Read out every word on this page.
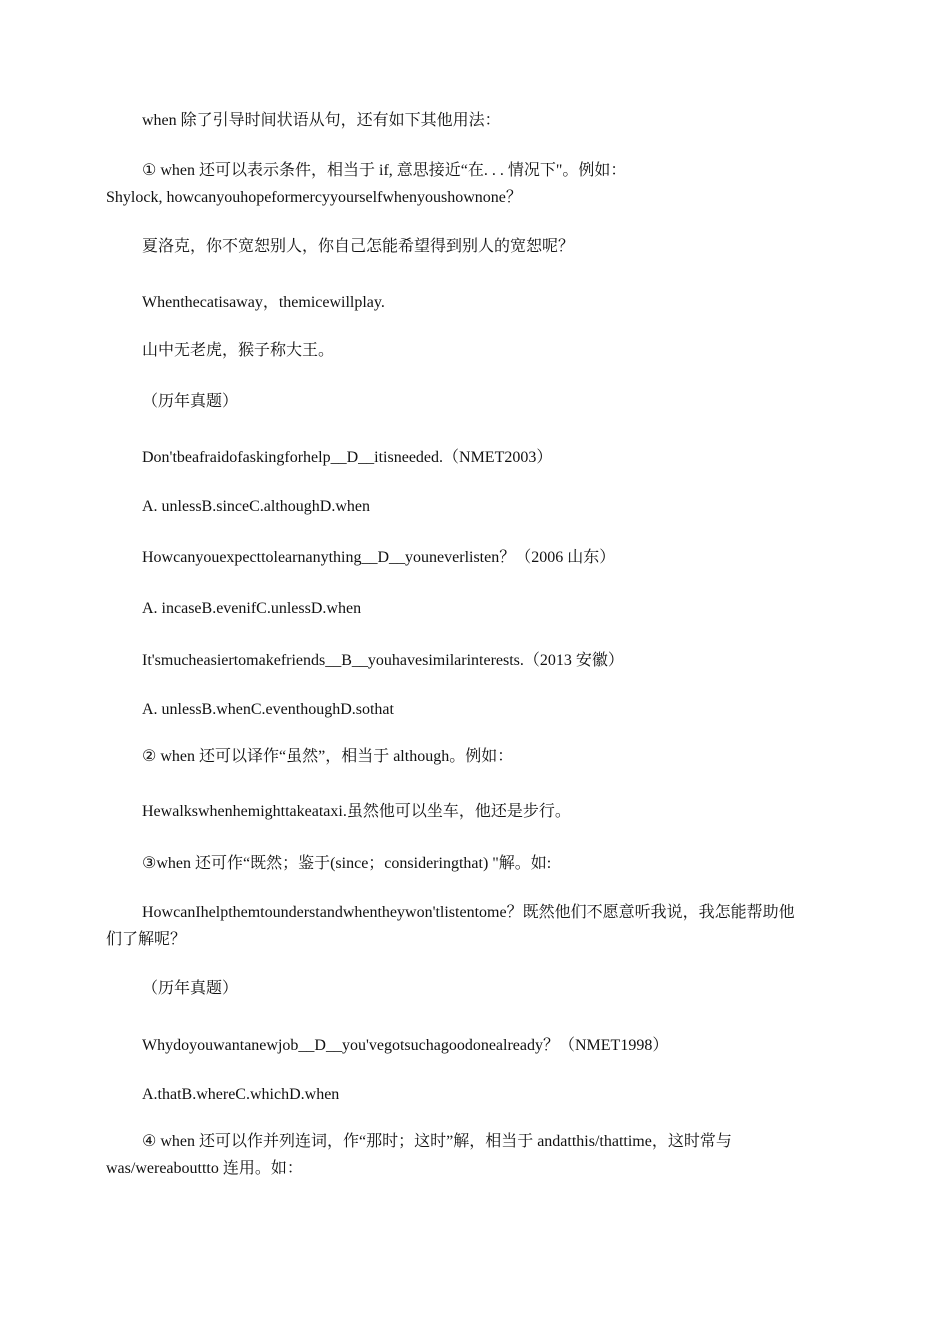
when 除了引导时间状语从句，还有如下其他用法：
① when 还可以表示条件，相当于 if, 意思接近“在. . . 情况下"。例如：
Shylock, howcanyouhopeformercyyourselfwhenyoushownone？
夏洛克，你不宽恕别人，你自己怎能希望得到别人的宽恕呢？
Whenthecatisaway，themicewillplay.
山中无老虎，猴子称大王。
（历年真题）
Don'tbeafraidofaskingforhelp__D__itisneeded.（NMET2003）
A. unlessB.sinceC.althoughD.when
Howcanyouexpecttolearnanything__D__youneverlisten？（2006 山东）
A. incaseB.evenifC.unlessD.when
It'smucheasiertomakefriends__B__youhavesimilarinterests.（2013 安徽）
A. unlessB.whenC.eventhoughD.sothat
② when 还可以译作“虽然”，相当于 although。例如：
Hewalkswhenhemighttakeataxi.虽然他可以坐车，他还是步行。
③when 还可作“既然；鉴于(since；consideringthat) "解。如:
HowcanIhelpthemtounderstandwhentheywon'tlistentome？既然他们不愿意听我说，我怎能帮助他们了解呢？
（历年真题）
Whydoyouwantanewjob__D__you'vegotsuchagoodonealready？（NMET1998）
A.thatB.whereC.whichD.when
④ when 还可以作并列连词，作“那时；这时”解，相当于 andatthis/thattime，这时常与 was/wereabouttto 连用。如：
